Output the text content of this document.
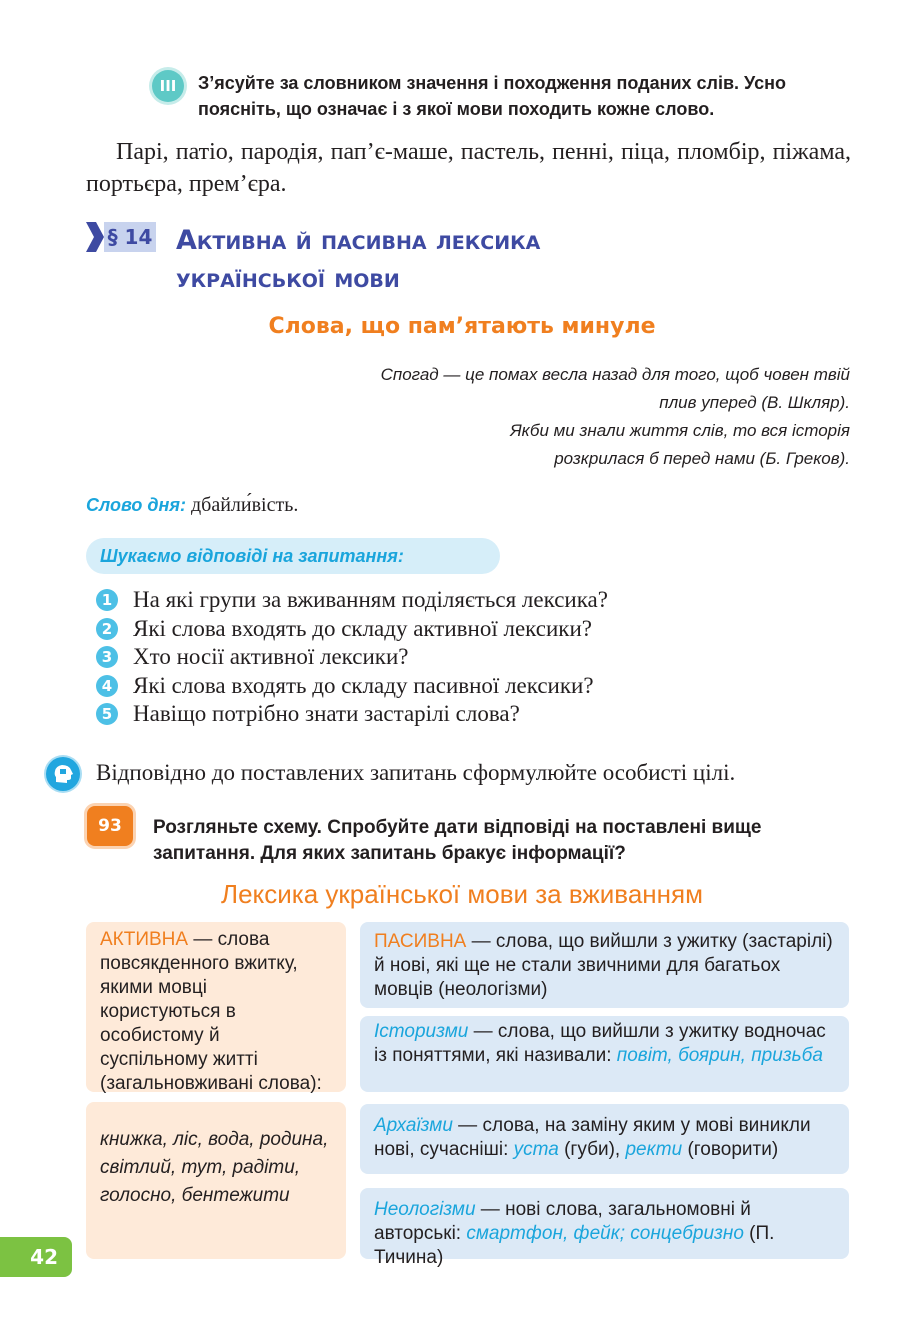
III	З’ясуйте за словником значення і походження поданих слів. Усно поясніть, що означає і з якої мови походить кожне слово.
Парі, патіо, пародія, пап’є-маше, пастель, пенні, піца, пломбір, піжама, портьєра, прем’єра.
§ 14 Активна й пасивна лексика
української мови
Слова, що пам’ятають минуле
Спогад — це помах весла назад для того, щоб човен твій
плив уперед (В. Шкляр).
Якби ми знали життя слів, то вся історія
розкрилася б перед нами (Б. Греков).
Слово дня: дбайли́вість.
Шукаємо відповіді на запитання:
1 На які групи за вживанням поділяється лексика?
2 Які слова входять до складу активної лексики?
3 Хто носії активної лексики?
4 Які слова входять до складу пасивної лексики?
5 Навіщо потрібно знати застарілі слова?
Відповідно до поставлених запитань сформулюйте особисті цілі.
93	Розгляньте схему. Спробуйте дати відповіді на поставлені вище запитання. Для яких запитань бракує інформації?
Лексика української мови за вживанням
АКТИВНА — слова повсякденного вжитку, якими мовці користуються в особистому й суспільному житті (загальновживані слова):
книжка, ліс, вода, родина, світлий, тут, радіти, голосно, бентежити
ПАСИВНА — слова, що вийшли з ужитку (застарілі) й нові, які ще не стали звичними для багатьох мовців (неологізми)
Історизми — слова, що вийшли з ужитку водночас із поняттями, які називали: повіт, боярин, призьба
Архаїзми — слова, на заміну яким у мові виникли нові, сучасніші: уста (губи), ректи (говорити)
Неологізми — нові слова, загальномовні й авторські: смартфон, фейк; сонцебризно (П. Тичина)
42
